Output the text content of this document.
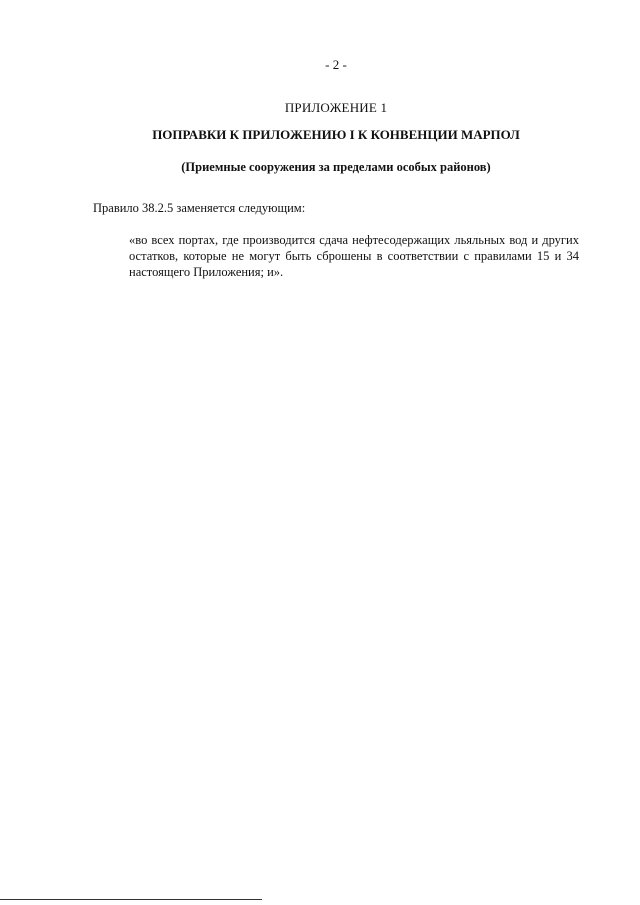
- 2 -
ПРИЛОЖЕНИЕ 1
ПОПРАВКИ К ПРИЛОЖЕНИЮ I К КОНВЕНЦИИ МАРПОЛ
(Приемные сооружения за пределами особых районов)
Правило 38.2.5 заменяется следующим:
«во всех портах, где производится сдача нефтесодержащих льяльных вод и других
остатков, которые не могут быть сброшены в соответствии с правилами 15 и 34
настоящего Приложения; и».
